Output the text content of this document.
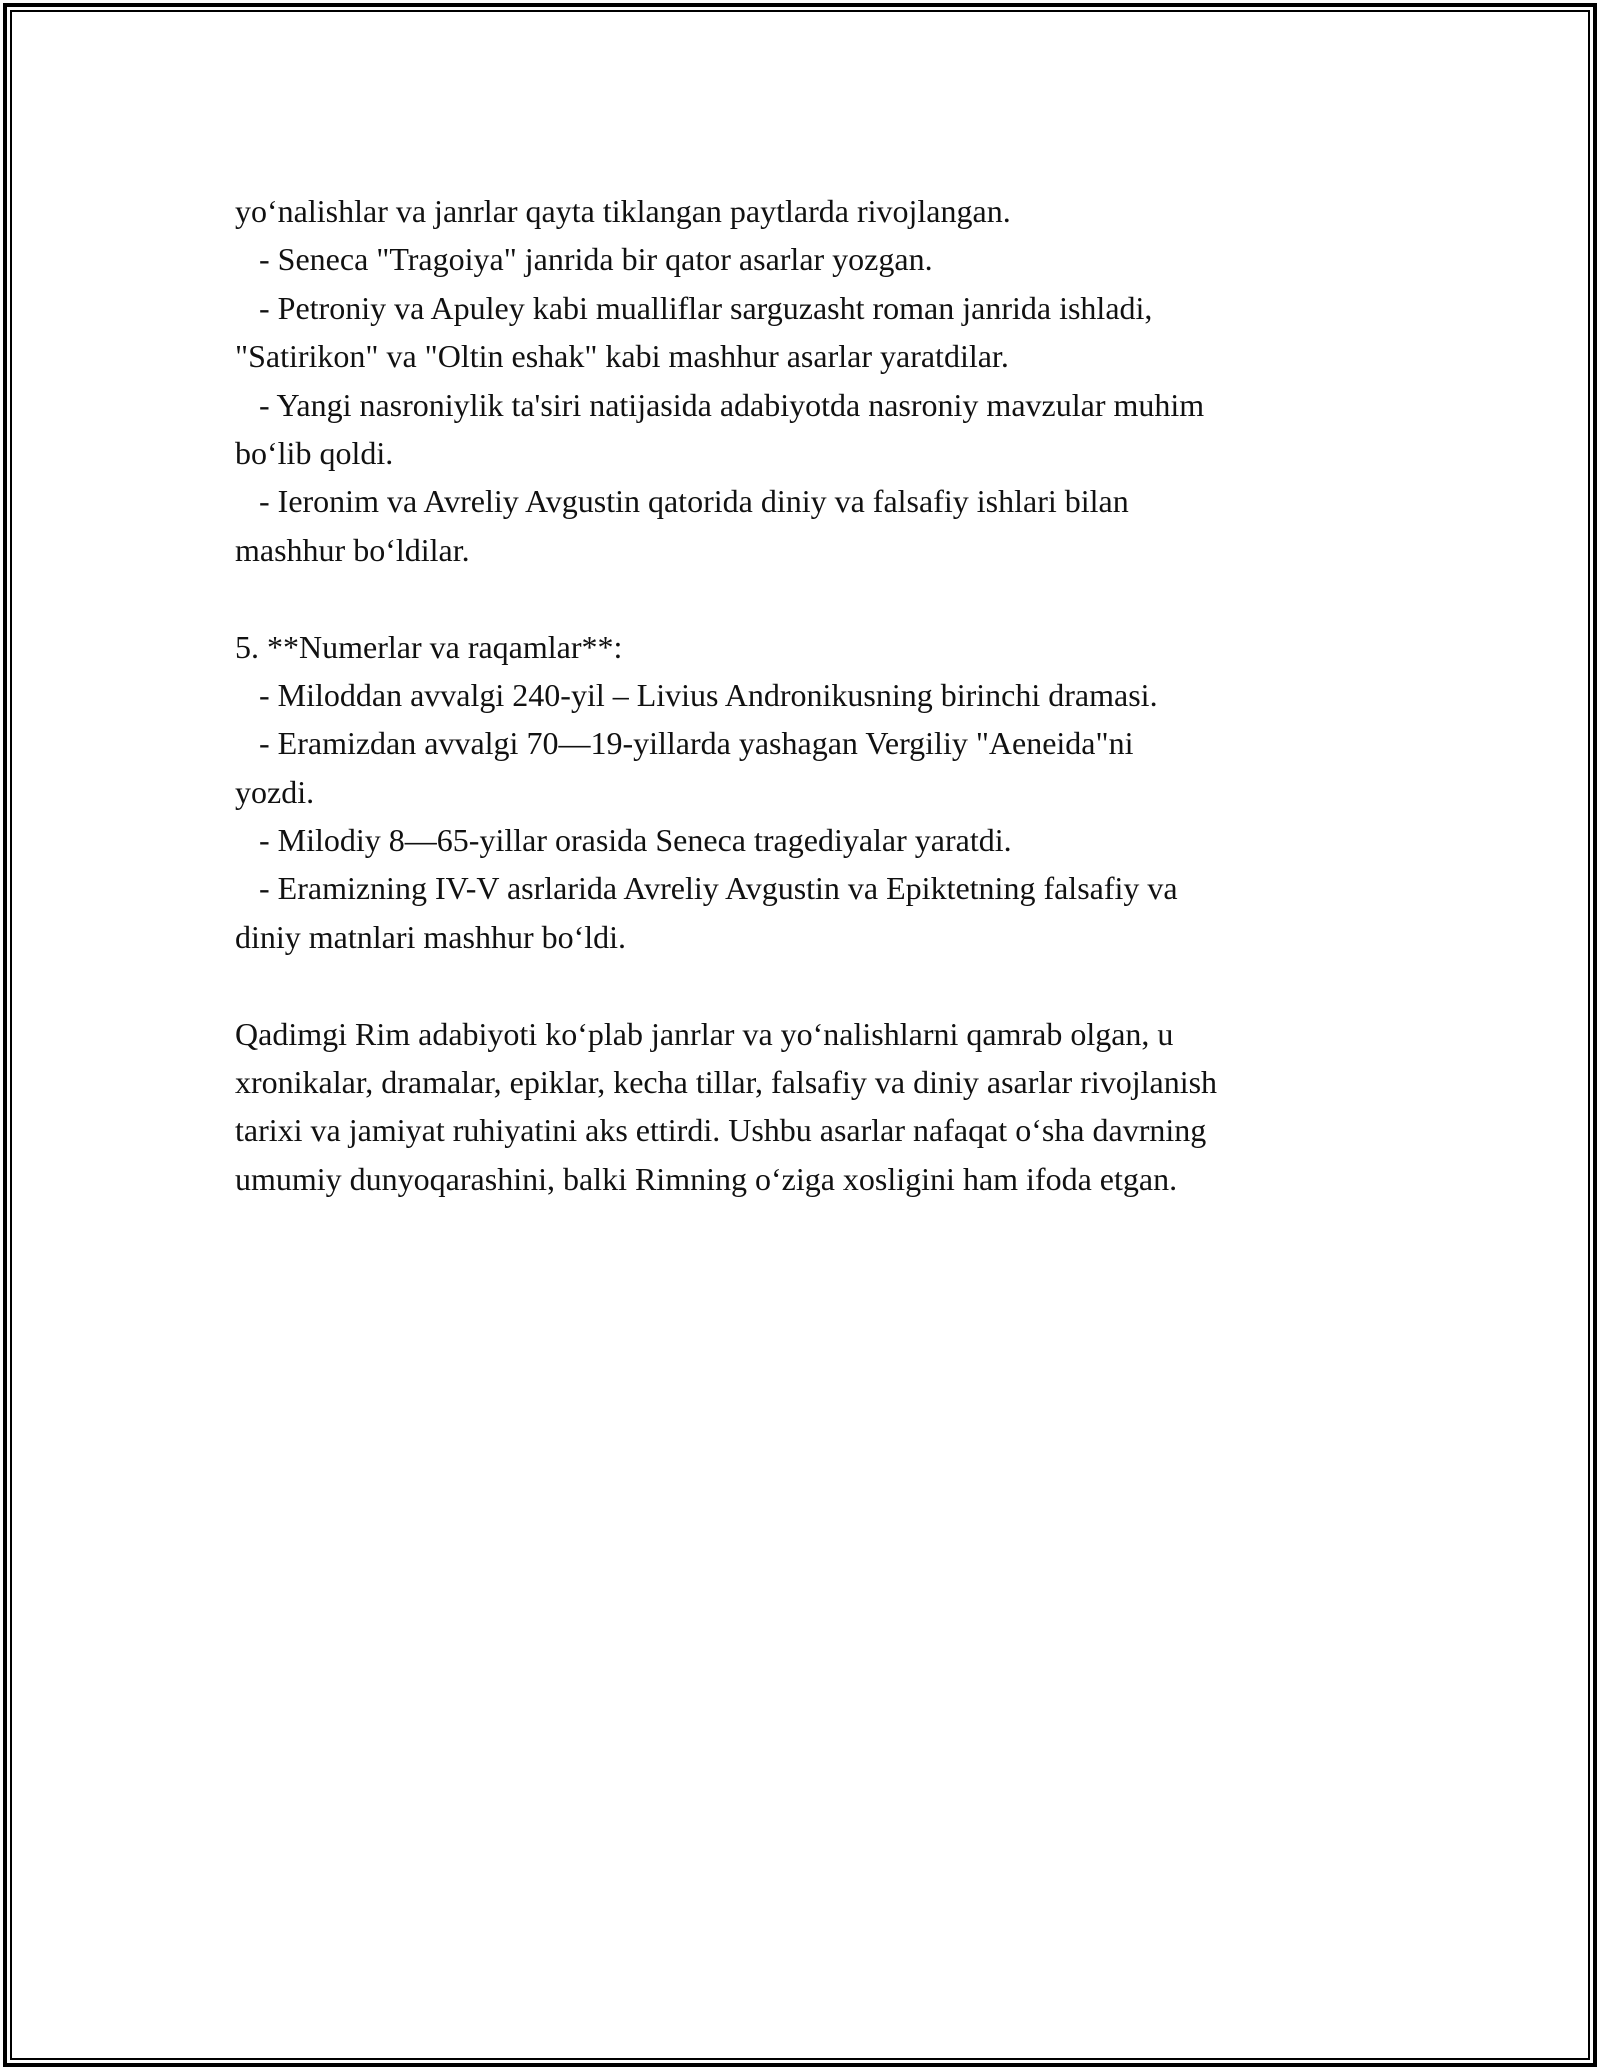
yo‘nalishlar va janrlar qayta tiklangan paytlarda rivojlangan.
- Seneca "Tragoiya" janrida bir qator asarlar yozgan.
- Petroniy va Apuley kabi mualliflar sarguzasht roman janrida ishladi,
"Satirikon" va "Oltin eshak" kabi mashhur asarlar yaratdilar.
- Yangi nasroniylik ta'siri natijasida adabiyotda nasroniy mavzular muhim
bo‘lib qoldi.
- Ieronim va Avreliy Avgustin qatorida diniy va falsafiy ishlari bilan
mashhur bo‘ldilar.
5. **Numerlar va raqamlar**:
- Miloddan avvalgi 240-yil – Livius Andronikusning birinchi dramasi.
- Eramizdan avvalgi 70—19-yillarda yashagan Vergiliy "Aeneida"ni
yozdi.
- Milodiy 8—65-yillar orasida Seneca tragediyalar yaratdi.
- Eramizning IV-V asrlarida Avreliy Avgustin va Epiktetning falsafiy va
diniy matnlari mashhur bo‘ldi.
Qadimgi Rim adabiyoti ko‘plab janrlar va yo‘nalishlarni qamrab olgan, u
xronikalar, dramalar, epiklar, kecha tillar, falsafiy va diniy asarlar rivojlanish
tarixi va jamiyat ruhiyatini aks ettirdi. Ushbu asarlar nafaqat o‘sha davrning
umumiy dunyoqarashini, balki Rimning o‘ziga xosligini ham ifoda etgan.
